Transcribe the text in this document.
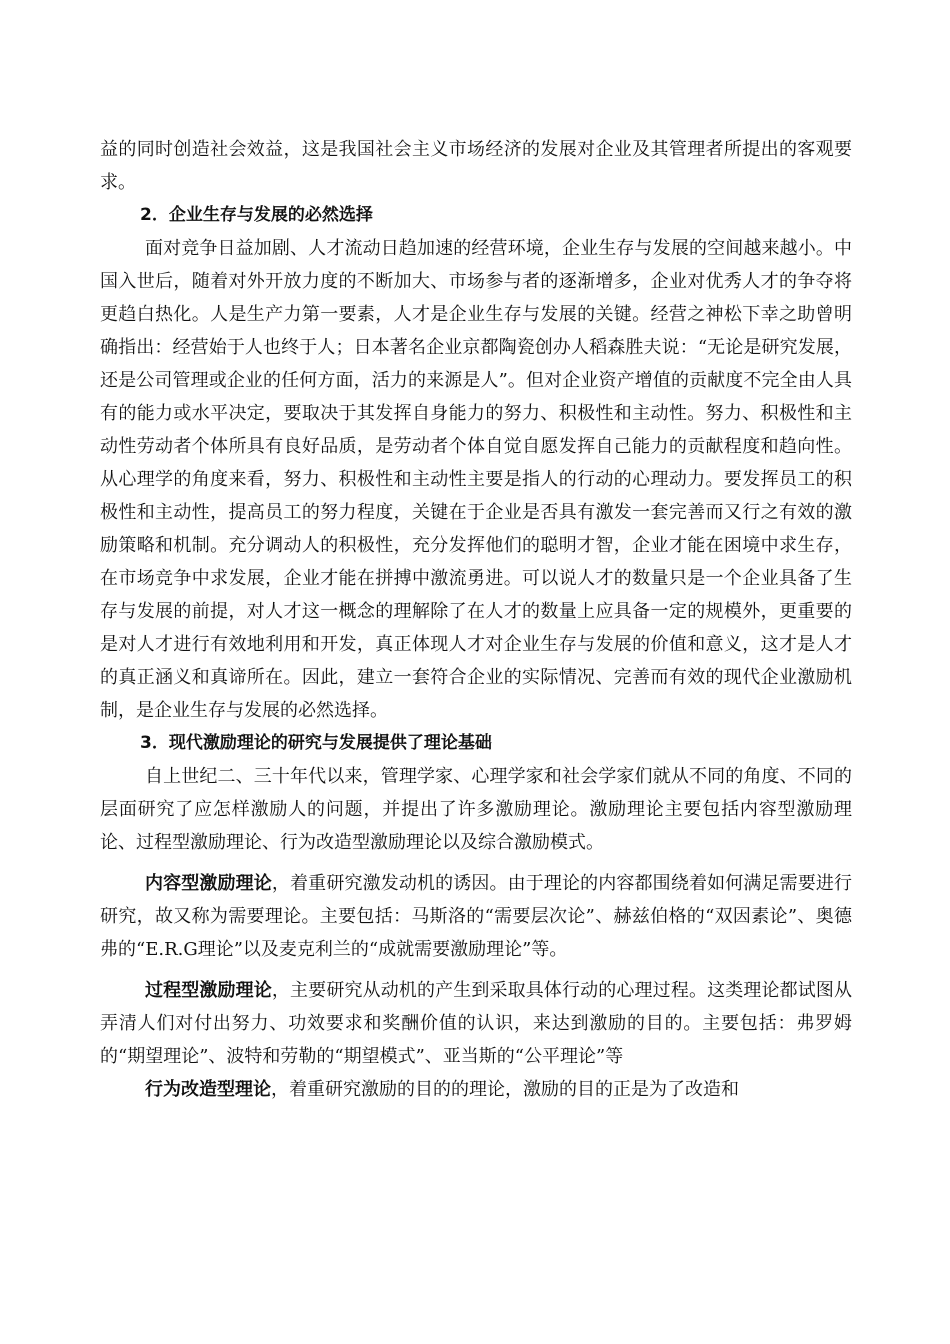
益的同时创造社会效益，这是我国社会主义市场经济的发展对企业及其管理者所提出的客观要求。

2．企业生存与发展的必然选择

面对竞争日益加剧、人才流动日趋加速的经营环境，企业生存与发展的空间越来越小。中国入世后，随着对外开放力度的不断加大、市场参与者的逐渐增多，企业对优秀人才的争夺将更趋白热化。人是生产力第一要素，人才是企业生存与发展的关键。经营之神松下幸之助曾明确指出：经营始于人也终于人；日本著名企业京都陶瓷创办人稻森胜夫说：“无论是研究发展，还是公司管理或企业的任何方面，活力的来源是人”。但对企业资产增值的贡献度不完全由人具有的能力或水平决定，要取决于其发挥自身能力的努力、积极性和主动性。努力、积极性和主动性劳动者个体所具有良好品质，是劳动者个体自觉自愿发挥自己能力的贡献程度和趋向性。从心理学的角度来看，努力、积极性和主动性主要是指人的行动的心理动力。要发挥员工的积极性和主动性，提高员工的努力程度，关键在于企业是否具有激发一套完善而又行之有效的激励策略和机制。充分调动人的积极性，充分发挥他们的聪明才智，企业才能在困境中求生存，在市场竞争中求发展，企业才能在拼搏中激流勇进。可以说人才的数量只是一个企业具备了生存与发展的前提，对人才这一概念的理解除了在人才的数量上应具备一定的规模外，更重要的是对人才进行有效地利用和开发，真正体现人才对企业生存与发展的价值和意义，这才是人才的真正涵义和真谛所在。因此，建立一套符合企业的实际情况、完善而有效的现代企业激励机制，是企业生存与发展的必然选择。

3．现代激励理论的研究与发展提供了理论基础

自上世纪二、三十年代以来，管理学家、心理学家和社会学家们就从不同的角度、不同的层面研究了应怎样激励人的问题，并提出了许多激励理论。激励理论主要包括内容型激励理论、过程型激励理论、行为改造型激励理论以及综合激励模式。

内容型激励理论，着重研究激发动机的诱因。由于理论的内容都围绕着如何满足需要进行研究，故又称为需要理论。主要包括：马斯洛的“需要层次论”、赫兹伯格的“双因素论”、奥德弗的“E.R.G理论”以及麦克利兰的“成就需要激励理论”等。

过程型激励理论，主要研究从动机的产生到采取具体行动的心理过程。这类理论都试图从弄清人们对付出努力、功效要求和奖酬价值的认识，来达到激励的目的。主要包括：弗罗姆的“期望理论”、波特和劳勒的“期望模式”、亚当斯的“公平理论”等

行为改造型理论，着重研究激励的目的的理论，激励的目的正是为了改造和
